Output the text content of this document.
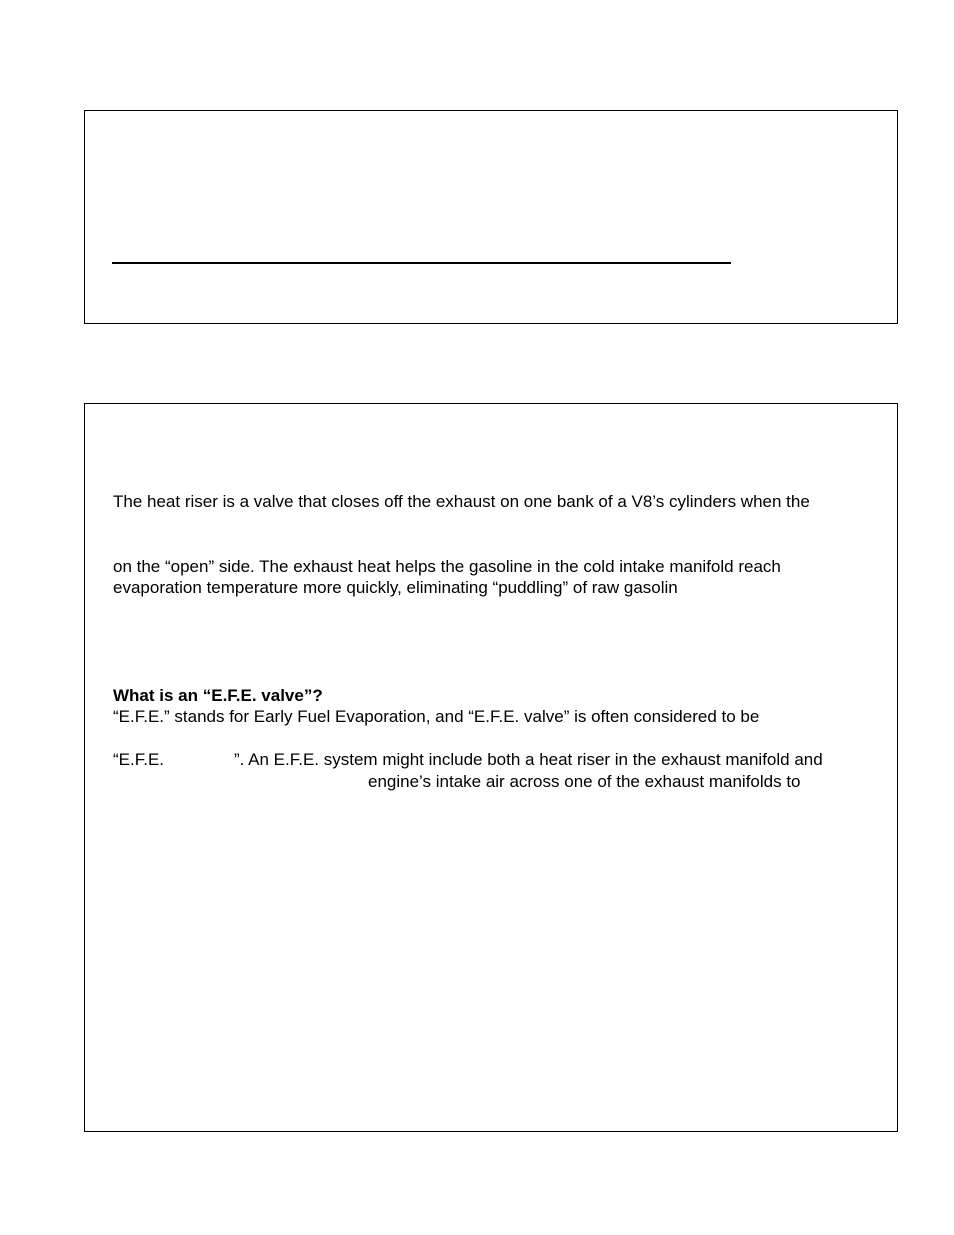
The heat riser is a valve that closes off the exhaust on one bank of a V8’s cylinders when the
on the “open” side. The exhaust heat helps the gasoline in the cold intake manifold reach
evaporation temperature more quickly, eliminating “puddling” of raw gasolin
What is an “E.F.E. valve”?
“E.F.E.” stands for Early Fuel Evaporation, and “E.F.E. valve” is often considered to be
“E.F.E.	”. An E.F.E. system might include both a heat riser in the exhaust manifold and
engine’s intake air across one of the exhaust manifolds to
